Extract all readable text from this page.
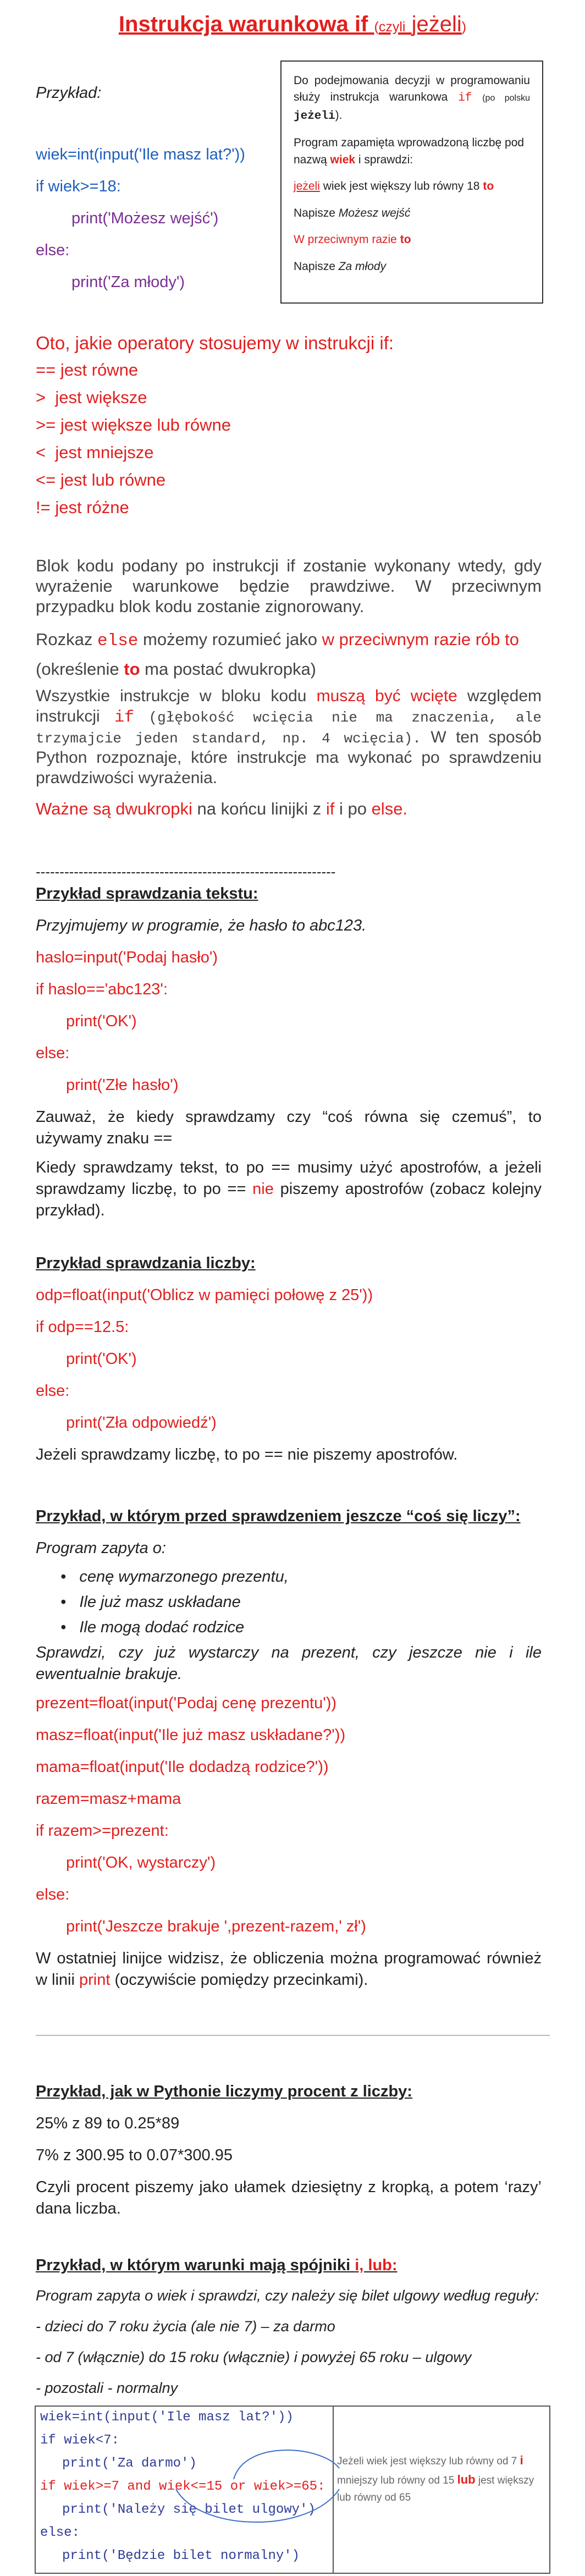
Instrukcja warunkowa if (czyli jeżeli)
Przykład:
wiek=int(input('Ile masz lat?'))
if wiek>=18:
print('Możesz wejść')
else:
print('Za młody')

Do podejmowania decyzji w programowaniu służy instrukcja warunkowa if (po polsku jeżeli).

Program zapamięta wprowadzoną liczbę pod nazwą wiek i sprawdzi:

jeżeli wiek jest większy lub równy 18 to

Napisze Możesz wejść

W przeciwnym razie to

Napisze Za młody

Oto, jakie operatory stosujemy w instrukcji if:
== jest równe
>  jest większe
>= jest większe lub równe
<  jest mniejsze
<= jest lub równe
!= jest różne
Blok kodu podany po instrukcji if zostanie wykonany wtedy, gdy wyrażenie warunkowe będzie prawdziwe. W przeciwnym przypadku blok kodu zostanie zignorowany.
Rozkaz else możemy rozumieć jako w przeciwnym razie rób to
(określenie to ma postać dwukropka)
Wszystkie instrukcje w bloku kodu muszą być wcięte względem instrukcji if (głębokość wcięcia nie ma znaczenia, ale trzymajcie jeden standard, np. 4 wcięcia). W ten sposób Python rozpoznaje, które instrukcje ma wykonać po sprawdzeniu prawdziwości wyrażenia.
Ważne są dwukropki na końcu linijki z if i po else.
---------------------------------------------------------------
Przykład sprawdzania tekstu:
Przyjmujemy w programie, że hasło to abc123.
haslo=input('Podaj hasło')
if haslo=='abc123':
print('OK')
else:
print('Złe hasło')
Zauważ, że kiedy sprawdzamy czy “coś równa się czemuś”, to używamy znaku ==
Kiedy sprawdzamy tekst, to po == musimy użyć apostrofów, a jeżeli sprawdzamy liczbę, to po == nie piszemy apostrofów (zobacz kolejny przykład).
Przykład sprawdzania liczby:
odp=float(input('Oblicz w pamięci połowę z 25'))
if odp==12.5:
print('OK')
else:
print('Zła odpowiedź')
Jeżeli sprawdzamy liczbę, to po == nie piszemy apostrofów.
Przykład, w którym przed sprawdzeniem jeszcze “coś się liczy”:
Program zapyta o:
•   cenę wymarzonego prezentu,
•   Ile już masz uskładane
•   Ile mogą dodać rodzice
Sprawdzi, czy już wystarczy na prezent, czy jeszcze nie i ile ewentualnie brakuje.
prezent=float(input('Podaj cenę prezentu'))
masz=float(input('Ile już masz uskładane?'))
mama=float(input('Ile dodadzą rodzice?'))
razem=masz+mama
if razem>=prezent:
print('OK, wystarczy')
else:
print('Jeszcze brakuje ',prezent-razem,' zł')
W ostatniej linijce widzisz, że obliczenia można programować również w linii print (oczywiście pomiędzy przecinkami).
Przykład, jak w Pythonie liczymy procent z liczby:
25% z 89 to 0.25*89
7% z 300.95 to 0.07*300.95
Czyli procent piszemy jako ułamek dziesiętny z kropką, a potem ‘razy’ dana liczba.
Przykład, w którym warunki mają spójniki i, lub:
Program zapyta o wiek i sprawdzi, czy należy się bilet ulgowy według reguły:
- dzieci do 7 roku życia (ale nie 7) – za darmo
- od 7 (włącznie) do 15 roku (włącznie) i powyżej 65 roku – ulgowy
- pozostali - normalny
wiek=int(input('Ile masz lat?'))
if wiek<7:
print('Za darmo')
if wiek>=7 and wiek<=15 or wiek>=65:
print('Należy się bilet ulgowy')
else:
print('Będzie bilet normalny')
Jeżeli wiek jest większy lub równy od 7 i mniejszy lub równy od 15 lub jest większy lub równy od 65
